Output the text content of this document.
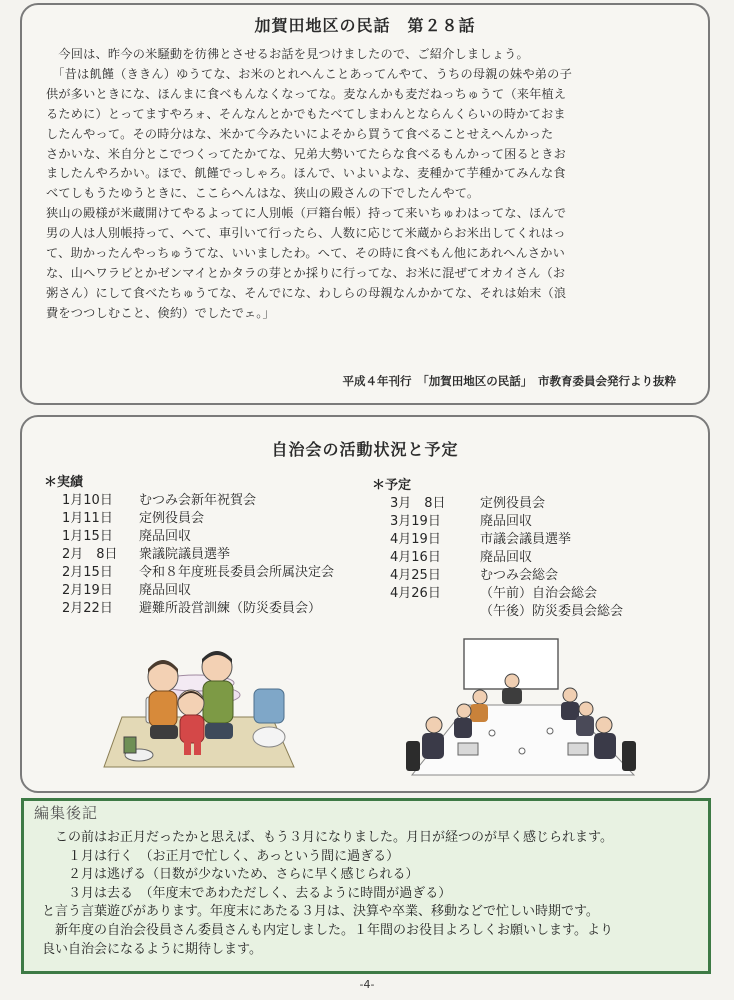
加賀田地区の民話　第２８話

　今回は、昨今の米騒動を彷彿とさせるお話を見つけましたので、ご紹介しましょう。

　「昔は飢饉（ききん）ゆうてな、お米のとれへんことあってんやて、うちの母親の妹や弟の子

供が多いときにな、ほんまに食べもんなくなってな。麦なんかも麦だねっちゅうて（来年植え

るために）とってますやろォ、そんなんとかでもたべてしまわんとならんくらいの時かておま

したんやって。その時分はな、米かて今みたいによそから買うて食べることせえへんかった

さかいな、米自分とこでつくってたかてな、兄弟大勢いてたらな食べるもんかって困るときお

ましたんやろかい。ほで、飢饉でっしゃろ。ほんで、いよいよな、麦種かて芋種かてみんな食

べてしもうたゆうときに、ここらへんはな、狭山の殿さんの下でしたんやて。

狭山の殿様が米蔵開けてやるよってに人別帳（戸籍台帳）持って来いちゅわはってな、ほんで

男の人は人別帳持って、へて、車引いて行ったら、人数に応じて米蔵からお米出してくれはっ

て、助かったんやっちゅうてな、いいましたわ。へて、その時に食べもん他にあれへんさかい

な、山へワラビとかゼンマイとかタラの芽とか採りに行ってな、お米に混ぜてオカイさん（お

粥さん）にして食べたちゅうてな、そんでにな、わしらの母親なんかかてな、それは始末（浪

費をつつしむこと、倹約）でしたでェ。」

平成４年刊行　「加賀田地区の民話」　市教育委員会発行より抜粋
自治会の活動状況と予定
＊実績
1月10日 むつみ会新年祝賀会
1月11日 定例役員会
1月15日 廃品回収
2月　8日 衆議院議員選挙
2月15日 令和８年度班長委員会所属決定会
2月19日 廃品回収
2月22日 避難所設営訓練（防災委員会）
＊予定
3月　8日	定例役員会
3月19日	廃品回収
4月19日	市議会議員選挙
4月16日	廃品回収
4月25日	むつみ会総会
4月26日	（午前）自治会総会
（午後）防災委員会総会
編集後記

　この前はお正月だったかと思えば、もう３月になりました。月日が経つのが早く感じられます。

　　１月は行く　（お正月で忙しく、あっという間に過ぎる）

　　２月は逃げる（日数が少ないため、さらに早く感じられる）

　　３月は去る　（年度末であわただしく、去るように時間が過ぎる）

と言う言葉遊びがあります。年度末にあたる３月は、決算や卒業、移動などで忙しい時期です。

　新年度の自治会役員さん委員さんも内定しました。１年間のお役目よろしくお願いします。より

良い自治会になるように期待します。

-4-
